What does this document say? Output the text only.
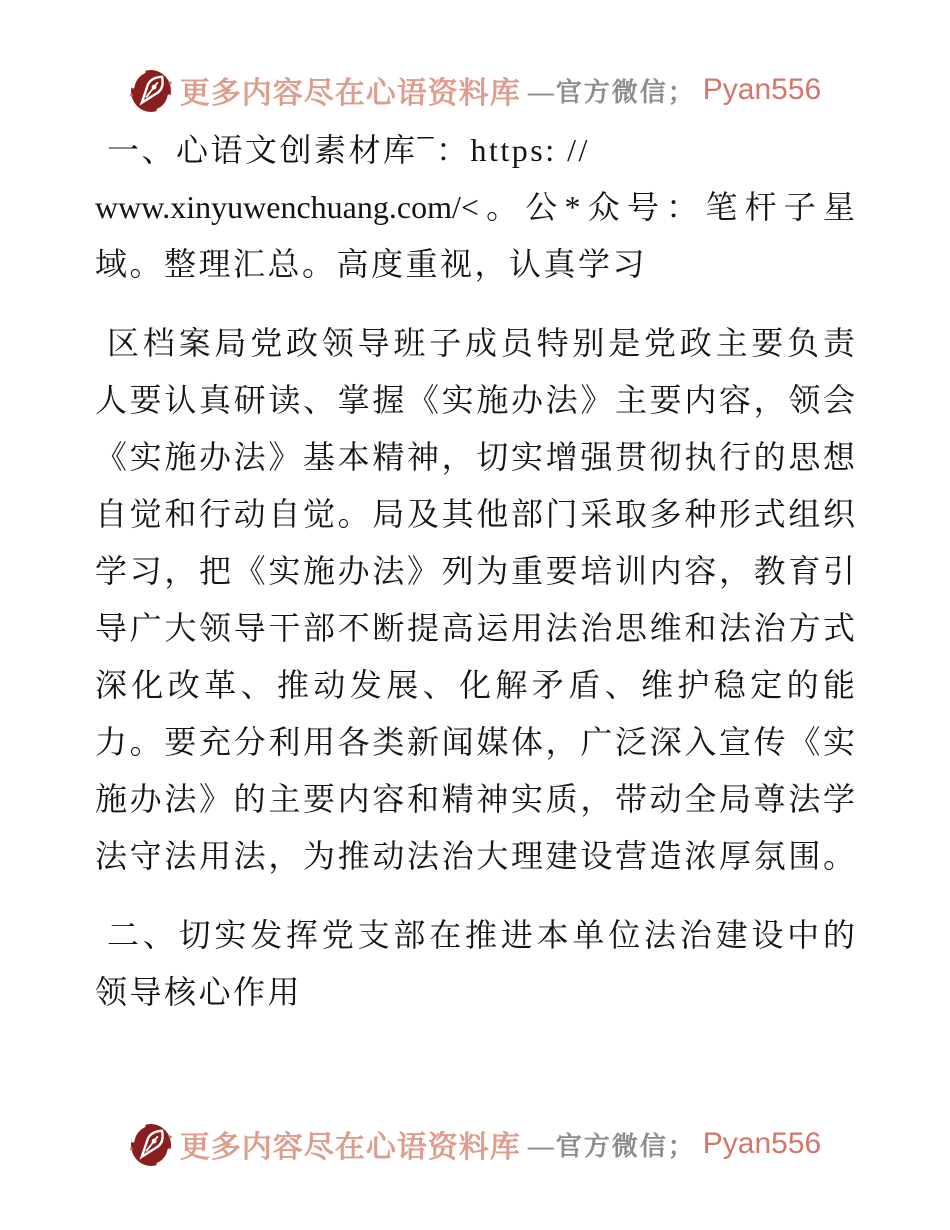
更多内容尽在心语资料库 —官方微信； Pyan556
一、心语文创素材库¯：https: //
www.xinyuwenchuang.com/<。公*众号：笔杆子星
域。整理汇总。高度重视，认真学习
区档案局党政领导班子成员特别是党政主要负责
人要认真研读、掌握《实施办法》主要内容，领会
《实施办法》基本精神，切实增强贯彻执行的思想
自觉和行动自觉。局及其他部门采取多种形式组织
学习，把《实施办法》列为重要培训内容，教育引
导广大领导干部不断提高运用法治思维和法治方式
深化改革、推动发展、化解矛盾、维护稳定的能
力。要充分利用各类新闻媒体，广泛深入宣传《实
施办法》的主要内容和精神实质，带动全局尊法学
法守法用法，为推动法治大理建设营造浓厚氛围。
二、切实发挥党支部在推进本单位法治建设中的
领导核心作用
更多内容尽在心语资料库 —官方微信； Pyan556
